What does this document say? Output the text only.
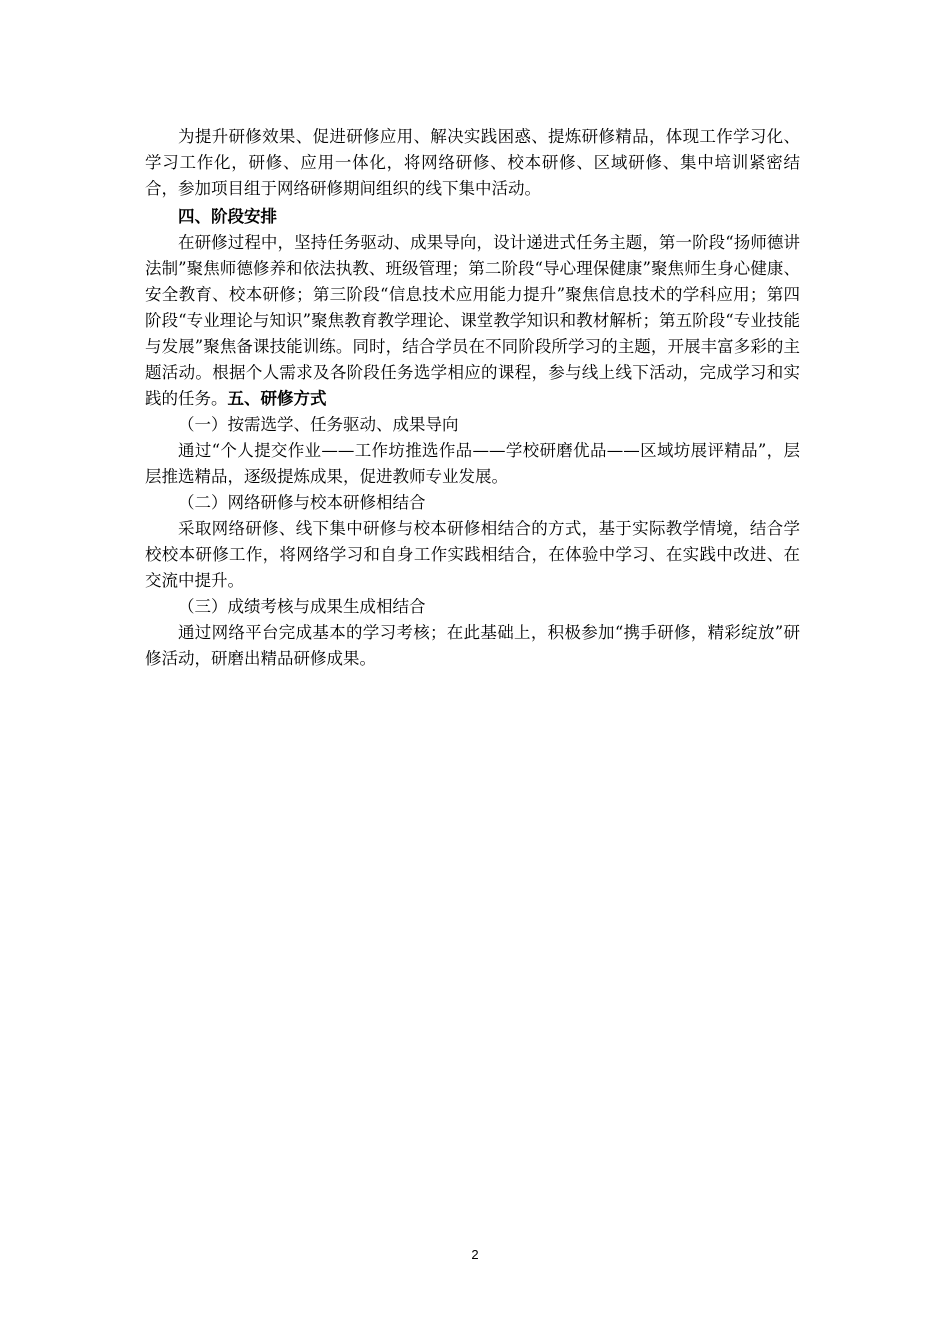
为提升研修效果、促进研修应用、解决实践困惑、提炼研修精品，体现工作学习化、学习工作化，研修、应用一体化，将网络研修、校本研修、区域研修、集中培训紧密结合，参加项目组于网络研修期间组织的线下集中活动。

四、阶段安排

在研修过程中，坚持任务驱动、成果导向，设计递进式任务主题，第一阶段“扬师德讲法制”聚焦师德修养和依法执教、班级管理；第二阶段“导心理保健康”聚焦师生身心健康、安全教育、校本研修；第三阶段“信息技术应用能力提升”聚焦信息技术的学科应用；第四阶段“专业理论与知识”聚焦教育教学理论、课堂教学知识和教材解析；第五阶段“专业技能与发展”聚焦备课技能训练。同时，结合学员在不同阶段所学习的主题，开展丰富多彩的主题活动。根据个人需求及各阶段任务选学相应的课程，参与线上线下活动，完成学习和实践的任务。五、研修方式

（一）按需选学、任务驱动、成果导向

通过“个人提交作业——工作坊推选作品——学校研磨优品——区域坊展评精品”，层层推选精品，逐级提炼成果，促进教师专业发展。

（二）网络研修与校本研修相结合

采取网络研修、线下集中研修与校本研修相结合的方式，基于实际教学情境，结合学校校本研修工作，将网络学习和自身工作实践相结合，在体验中学习、在实践中改进、在交流中提升。

（三）成绩考核与成果生成相结合

通过网络平台完成基本的学习考核；在此基础上，积极参加“携手研修，精彩绽放”研修活动，研磨出精品研修成果。

2
